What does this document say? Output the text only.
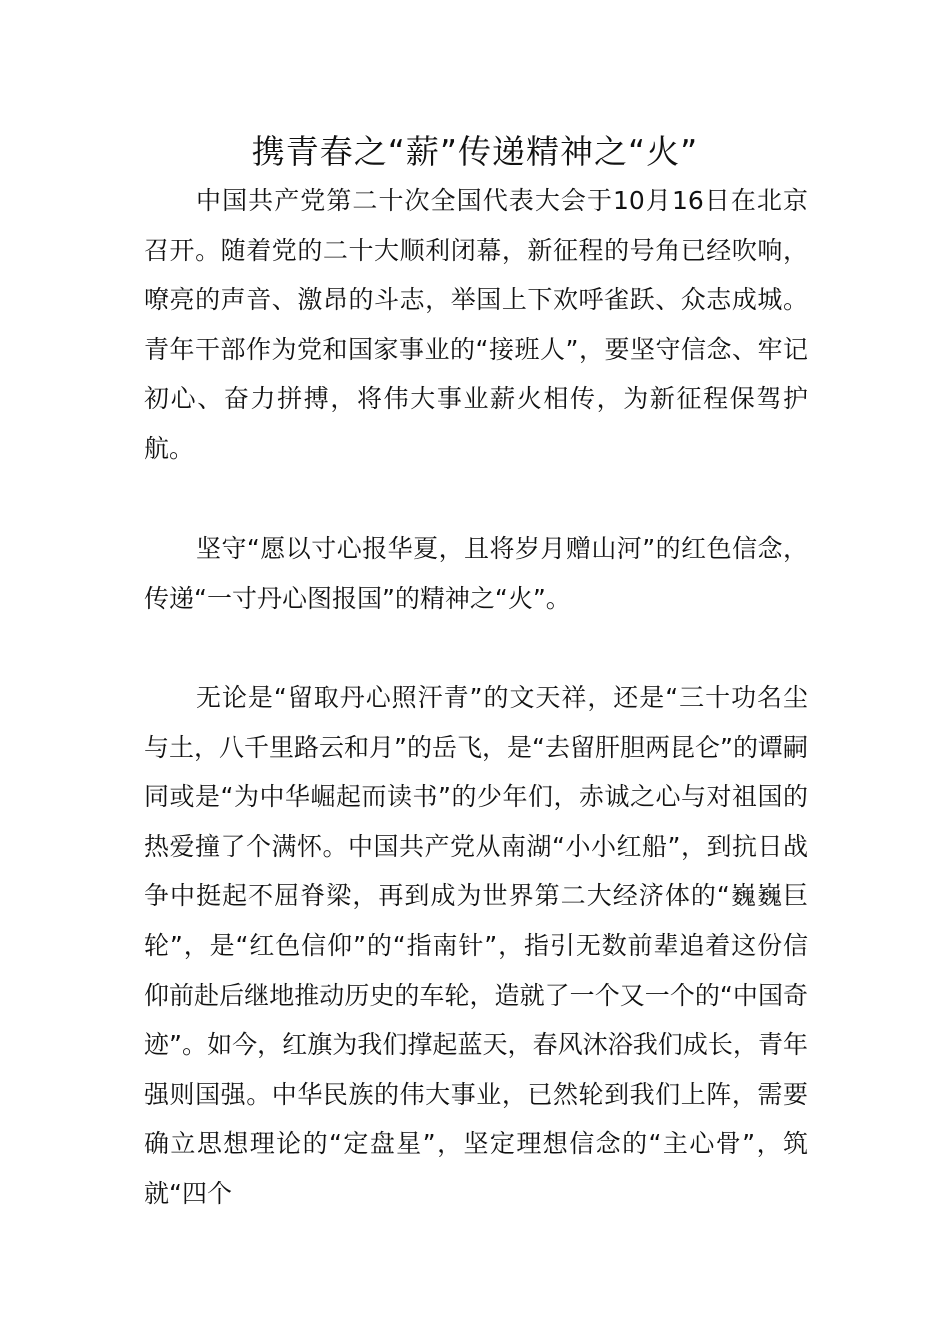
携青春之“薪”传递精神之“火”

中国共产党第二十次全国代表大会于10月16日在北京召开。随着党的二十大顺利闭幕，新征程的号角已经吹响，嘹亮的声音、激昂的斗志，举国上下欢呼雀跃、众志成城。青年干部作为党和国家事业的“接班人”，要坚守信念、牢记初心、奋力拼搏，将伟大事业薪火相传，为新征程保驾护航。

坚守“愿以寸心报华夏，且将岁月赠山河”的红色信念，传递“一寸丹心图报国”的精神之“火”。

无论是“留取丹心照汗青”的文天祥，还是“三十功名尘与土，八千里路云和月”的岳飞，是“去留肝胆两昆仑”的谭嗣同或是“为中华崛起而读书”的少年们，赤诚之心与对祖国的热爱撞了个满怀。中国共产党从南湖“小小红船”，到抗日战争中挺起不屈脊梁，再到成为世界第二大经济体的“巍巍巨轮”，是“红色信仰”的“指南针”，指引无数前辈追着这份信仰前赴后继地推动历史的车轮，造就了一个又一个的“中国奇迹”。如今，红旗为我们撑起蓝天，春风沐浴我们成长，青年强则国强。中华民族的伟大事业，已然轮到我们上阵，需要确立思想理论的“定盘星”，坚定理想信念的“主心骨”，筑就“四个
